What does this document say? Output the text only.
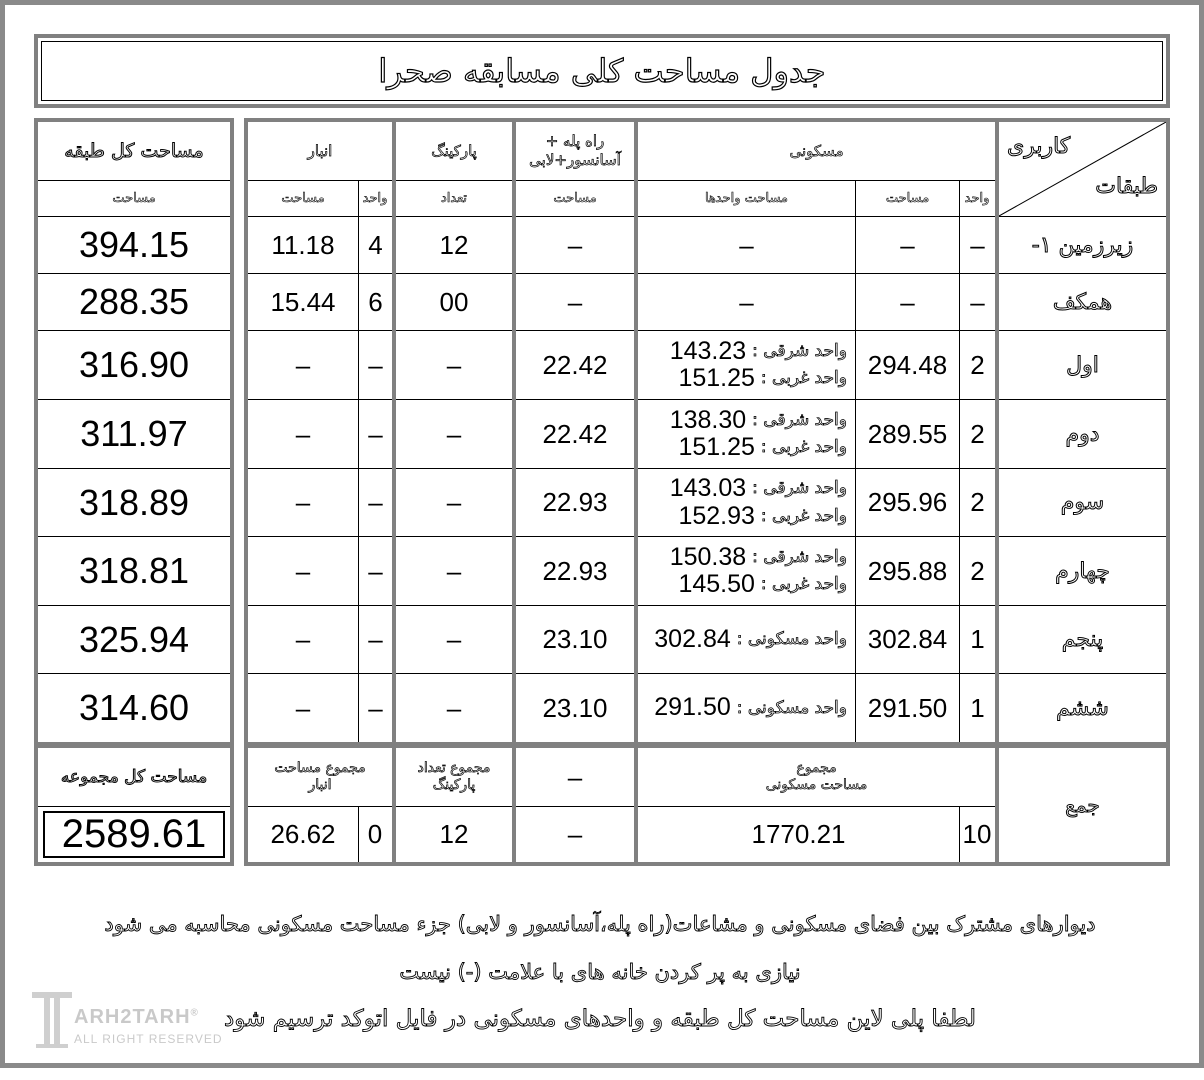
جدول مساحت کلی مسابقه صحرا
کاربری
طبقات
مسکونی
واحد
مساحت
مساحت واحدها
راه پله +
آسانسور+لابی
مساحت
پارکینگ
تعداد
انبار
واحد
مساحت
مساحت کل طبقه
مساحت
زیرزمین ۱-
–
–
–
–
12
4
11.18
394.15
همکف
–
–
–
–
00
6
15.44
288.35
اول
2
294.48
واحد شرقی :
143.23
واحد غربی :
151.25
22.42
–
–
–
316.90
دوم
2
289.55
واحد شرقی :
138.30
واحد غربی :
151.25
22.42
–
–
–
311.97
سوم
2
295.96
واحد شرقی :
143.03
واحد غربی :
152.93
22.93
–
–
–
318.89
چهارم
2
295.88
واحد شرقی :
150.38
واحد غربی :
145.50
22.93
–
–
–
318.81
پنجم
1
302.84
واحد مسکونی :
302.84
23.10
–
–
–
325.94
ششم
1
291.50
واحد مسکونی :
291.50
23.10
–
–
–
314.60
جمع
مجموع
مساحت مسکونی
10
1770.21
–
–
مجموع تعداد
پارکینگ
12
مجموع مساحت
انبار
0
26.62
مساحت کل مجموعه
2589.61
دیوارهای مشترک بین فضای مسکونی و مشاعات(راه پله،آسانسور و لابی) جزء مساحت مسکونی محاسبه می شود
نیازی به پر کردن خانه های با علامت (-) نیست
لطفا پلی لاین مساحت کل طبقه و واحدهای مسکونی در فایل اتوکد ترسیم شود
ARH2TARH®
ALL RIGHT RESERVED
